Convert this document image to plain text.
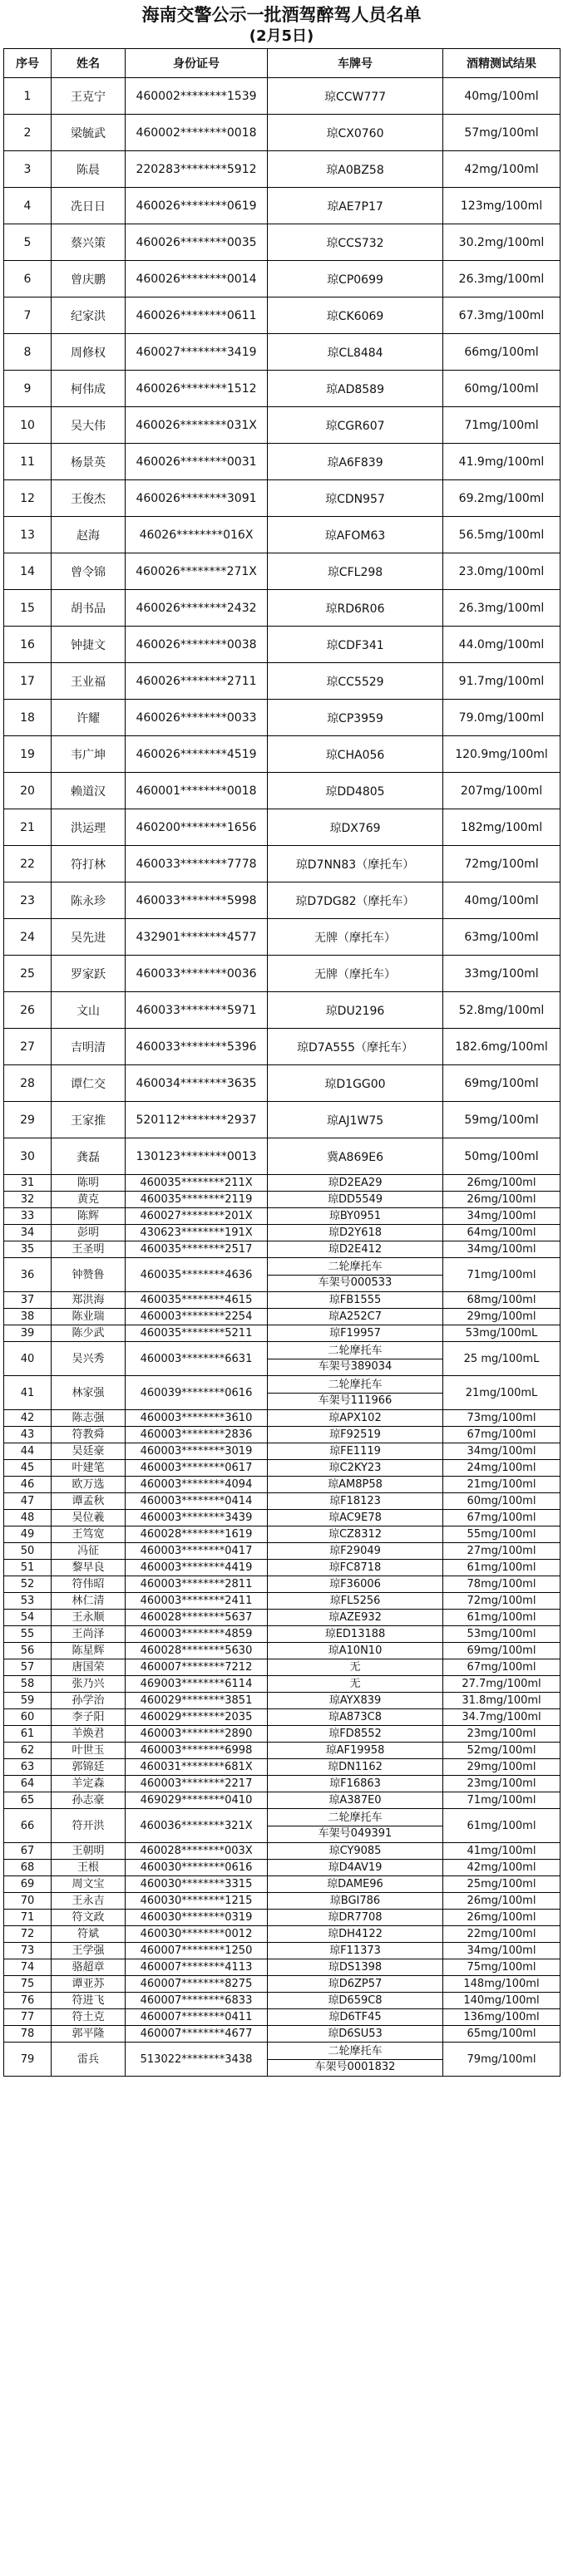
海南交警公示一批酒驾醉驾人员名单
(2月5日)
序号	姓名	身份证号	车牌号	酒精测试结果
1	王克宁	460002********1539	琼CCW777	40mg/100ml
2	梁毓武	460002********0018	琼CX0760	57mg/100ml
3	陈晨	220283********5912	琼A0BZ58	42mg/100ml
4	冼日日	460026********0619	琼AE7P17	123mg/100ml
5	蔡兴策	460026********0035	琼CCS732	30.2mg/100ml
6	曾庆鹏	460026********0014	琼CP0699	26.3mg/100ml
7	纪家洪	460026********0611	琼CK6069	67.3mg/100ml
8	周修权	460027********3419	琼CL8484	66mg/100ml
9	柯伟成	460026********1512	琼AD8589	60mg/100ml
10	吴大伟	460026********031X	琼CGR607	71mg/100ml
11	杨景英	460026********0031	琼A6F839	41.9mg/100ml
12	王俊杰	460026********3091	琼CDN957	69.2mg/100ml
13	赵海	46026********016X	琼AFOM63	56.5mg/100ml
14	曾令锦	460026********271X	琼CFL298	23.0mg/100ml
15	胡书品	460026********2432	琼RD6R06	26.3mg/100ml
16	钟捷文	460026********0038	琼CDF341	44.0mg/100ml
17	王业福	460026********2711	琼CC5529	91.7mg/100ml
18	许耀	460026********0033	琼CP3959	79.0mg/100ml
19	韦广坤	460026********4519	琼CHA056	120.9mg/100ml
20	赖道汉	460001********0018	琼DD4805	207mg/100ml
21	洪运理	460200********1656	琼DX769	182mg/100ml
22	符打林	460033********7778	琼D7NN83（摩托车）	72mg/100ml
23	陈永珍	460033********5998	琼D7DG82（摩托车）	40mg/100ml
24	吴先进	432901********4577	无牌（摩托车）	63mg/100ml
25	罗家跃	460033********0036	无牌（摩托车）	33mg/100ml
26	文山	460033********5971	琼DU2196	52.8mg/100ml
27	吉明清	460033********5396	琼D7A555（摩托车）	182.6mg/100ml
28	谭仁交	460034********3635	琼D1GG00	69mg/100ml
29	王家推	520112********2937	琼AJ1W75	59mg/100ml
30	龚磊	130123********0013	冀A869E6	50mg/100ml
31	陈明	460035********211X	琼D2EA29	26mg/100ml
32	黄克	460035********2119	琼DD5549	26mg/100ml
33	陈辉	460027********201X	琼BY0951	34mg/100ml
34	彭明	430623********191X	琼D2Y618	64mg/100ml
35	王圣明	460035********2517	琼D2E412	34mg/100ml
36	钟赞鲁	460035********4636	二轮摩托车
车架号000533	71mg/100ml
37	郑洪海	460035********4615	琼FB1555	68mg/100ml
38	陈业瑞	460003********2254	琼A252C7	29mg/100ml
39	陈少武	460035********5211	琼F19957	53mg/100mL
40	吴兴秀	460003********6631	二轮摩托车
车架号389034	25 mg/100mL
41	林家强	460039********0616	二轮摩托车
车架号111966	21mg/100mL
42	陈志强	460003********3610	琼APX102	73mg/100ml
43	符教舜	460003********2836	琼F92519	67mg/100ml
44	吴廷豪	460003********3019	琼FE1119	34mg/100ml
45	叶建笔	460003********0617	琼C2KY23	24mg/100ml
46	欧万选	460003********4094	琼AM8P58	21mg/100ml
47	谭孟秋	460003********0414	琼F18123	60mg/100ml
48	吴位羲	460003********3439	琼AC9E78	67mg/100ml
49	王笃宽	460028********1619	琼CZ8312	55mg/100ml
50	冯征	460003********0417	琼F29049	27mg/100ml
51	黎早良	460003********4419	琼FC8718	61mg/100ml
52	符伟昭	460003********2811	琼F36006	78mg/100ml
53	林仁清	460003********2411	琼FL5256	72mg/100ml
54	王永顺	460028********5637	琼AZE932	61mg/100ml
55	王尚泽	460003********4859	琼ED13188	53mg/100ml
56	陈星辉	460028********5630	琼A10N10	69mg/100ml
57	唐国荣	460007********7212	无	67mg/100ml
58	张乃兴	469003********6114	无	27.7mg/100ml
59	孙学治	460029********3851	琼AYX839	31.8mg/100ml
60	李子阳	460029********2035	琼A873C8	34.7mg/100ml
61	羊焕君	460003********2890	琼FD8552	23mg/100ml
62	叶世玉	460003********6998	琼AF19958	52mg/100ml
63	郭锦廷	460031********681X	琼DN1162	29mg/100ml
64	羊定森	460003********2217	琼F16863	23mg/100ml
65	孙志豪	469029********0410	琼A387E0	71mg/100ml
66	符开洪	460036********321X	二轮摩托车
车架号049391	61mg/100ml
67	王朝明	460028********003X	琼CY9085	41mg/100ml
68	王根	460030********0616	琼D4AV19	42mg/100ml
69	周文宝	460030********3315	琼DAME96	25mg/100ml
70	王永吉	460030********1215	琼BGI786	26mg/100ml
71	符文政	460030********0319	琼DR7708	26mg/100ml
72	符斌	460030********0012	琼DH4122	22mg/100ml
73	王学强	460007********1250	琼F11373	34mg/100ml
74	骆超章	460007********4113	琼DS1398	75mg/100ml
75	谭亚苏	460007********8275	琼D6ZP57	148mg/100ml
76	符进飞	460007********6833	琼D659C8	140mg/100ml
77	符土克	460007********0411	琼D6TF45	136mg/100ml
78	郭平隆	460007********4677	琼D6SU53	65mg/100ml
79	雷兵	513022********3438	二轮摩托车
车架号0001832	79mg/100ml
